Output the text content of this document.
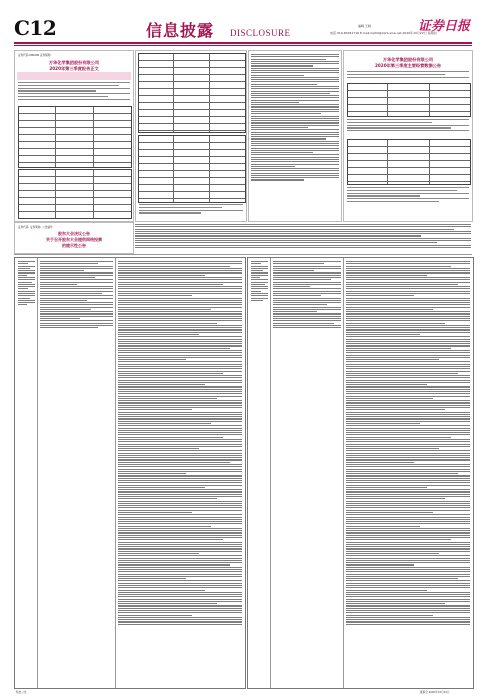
C12	信息披露 DISCLOSURE
编辑 王晓
电话 010-83251716 E-mail:zqrb9@zqrb.sina.net 2020年10月22日 星期四
证券日报
证券代码:000000 证券简称:
万华化学集团股份有限公司
2020年第三季度报告正文
万华化学集团股份有限公司
2020年第三季度主要经营数据公告
证券代码: 证券简称: 公告编号:
股东大会决议公告
关于召开股东大会提供网络投票
的提示性公告
特此公告。	董事会 2020年10月22日
